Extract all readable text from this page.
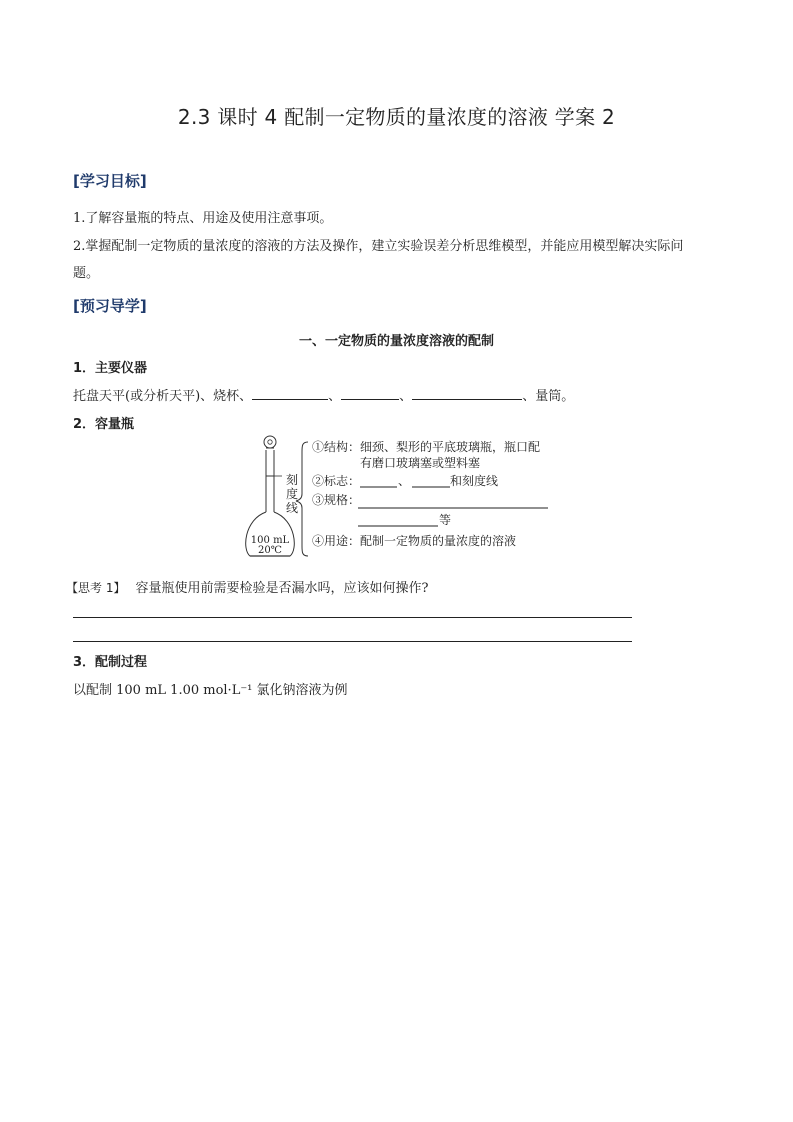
2.3 课时 4 配制一定物质的量浓度的溶液 学案 2
[学习目标]
1.了解容量瓶的特点、用途及使用注意事项。
2.掌握配制一定物质的量浓度的溶液的方法及操作，建立实验误差分析思维模型，并能应用模型解决实际问
题。
[预习导学]
一、一定物质的量浓度溶液的配制
1．主要仪器
托盘天平(或分析天平)、烧杯、	、	、	、量筒。
2．容量瓶
100 mL
20℃
刻
度
线
①结构：细颈、梨形的平底玻璃瓶，瓶口配
有磨口玻璃塞或塑料塞
②标志：	、	和刻度线
③规格：
等
④用途：配制一定物质的量浓度的溶液
【思考 1】 容量瓶使用前需要检验是否漏水吗，应该如何操作?
3．配制过程
以配制 100 mL 1.00 mol·L⁻¹ 氯化钠溶液为例
